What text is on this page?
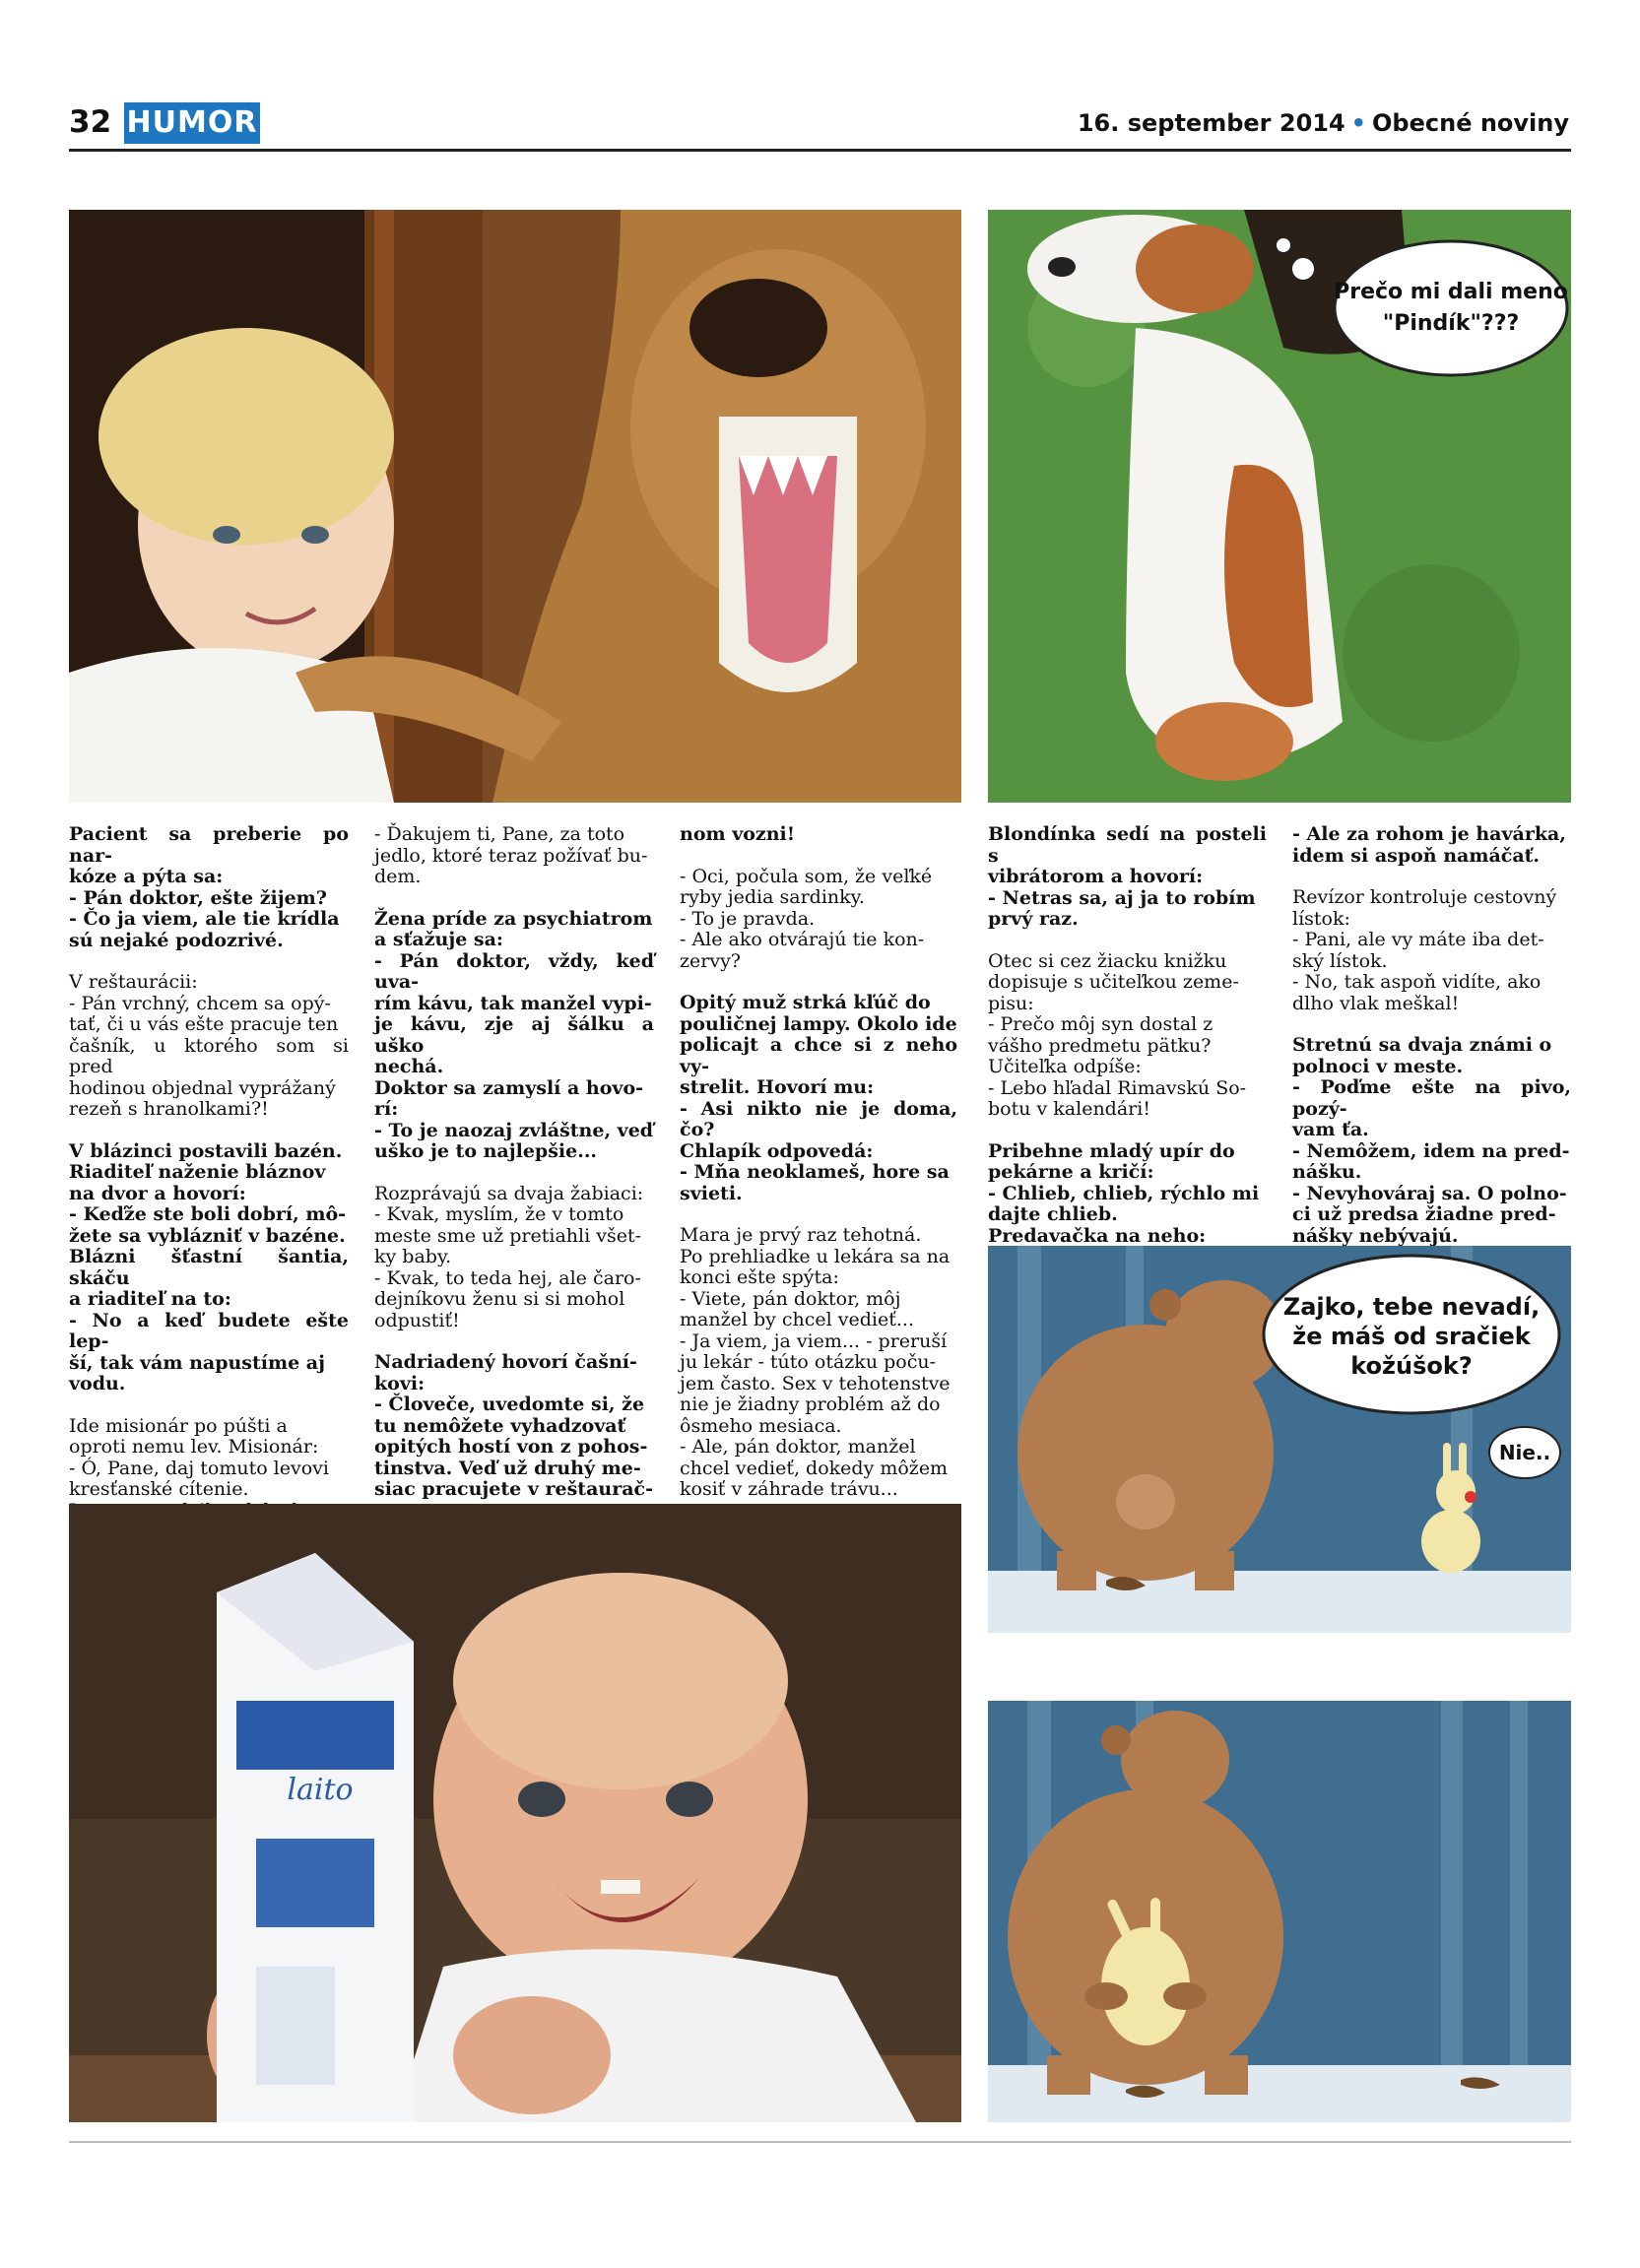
32 HUMOR	16. september 2014 • Obecné noviny
Prečo mi dali meno
"Pindík"???

Pacient sa preberie po nar-

kóze a pýta sa:

- Pán doktor, ešte žijem?

- Čo ja viem, ale tie krídla

sú nejaké podozrivé.

V reštaurácii:

- Pán vrchný, chcem sa opý-

tať, či u vás ešte pracuje ten

čašník, u ktorého som si pred

hodinou objednal vyprážaný

rezeň s hranolkami?!

V blázinci postavili bazén.

Riaditeľ naženie bláznov

na dvor a hovorí:

- Keďže ste boli dobrí, mô-

žete sa vyblázniť v bazéne.

Blázni šťastní šantia, skáču

a riaditeľ na to:

- No a keď budete ešte lep-

ší, tak vám napustíme aj

vodu.

Ide misionár po púšti a

oproti nemu lev. Misionár:

- Ó, Pane, daj tomuto levovi

kresťanské cítenie.

- Ďakujem ti, Pane, za toto

jedlo, ktoré teraz požívať bu-

dem.

Žena príde za psychiatrom

a sťažuje sa:

- Pán doktor, vždy, keď uva-

rím kávu, tak manžel vypi-

je kávu, zje aj šálku a uško

nechá.

Doktor sa zamyslí a hovo-

rí:

- To je naozaj zvláštne, veď

uško je to najlepšie...

Rozprávajú sa dvaja žabiaci:

- Kvak, myslím, že v tomto

meste sme už pretiahli všet-

ky baby.

- Kvak, to teda hej, ale čaro-

dejníkovu ženu si si mohol

odpustiť!

Nadriadený hovorí čašní-

kovi:

- Človeče, uvedomte si, že

tu nemôžete vyhadzovať

opitých hostí von z pohos-

tinstva. Veď už druhý me-

siac pracujete v reštaurač-

nom vozni!

- Oci, počula som, že veľké

ryby jedia sardinky.

- To je pravda.

- Ale ako otvárajú tie kon-

zervy?

Opitý muž strká kľúč do

pouličnej lampy. Okolo ide

policajt a chce si z neho vy-

strelit. Hovorí mu:

- Asi nikto nie je doma, čo?

Chlapík odpovedá:

- Mňa neoklameš, hore sa

svieti.

Mara je prvý raz tehotná.

Po prehliadke u lekára sa na

konci ešte spýta:

- Viete, pán doktor, môj

manžel by chcel vedieť...

- Ja viem, ja viem... - preruší

ju lekár - túto otázku poču-

jem často. Sex v tehotenstve

nie je žiadny problém až do

ôsmeho mesiaca.

- Ale, pán doktor, manžel

chcel vedieť, dokedy môžem

kosiť v záhrade trávu...

Blondínka sedí na posteli s

vibrátorom a hovorí:

- Netras sa, aj ja to robím

prvý raz.

Otec si cez žiacku knižku

dopisuje s učiteľkou zeme-

pisu:

- Prečo môj syn dostal z

vášho predmetu pätku?

Učiteľka odpíše:

- Lebo hľadal Rimavskú So-

botu v kalendári!

Pribehne mladý upír do

pekárne a kričí:

- Chlieb, chlieb, rýchlo mi

dajte chlieb.

Predavačka na neho:

- Ale za rohom je havárka,

idem si aspoň namáčať.

Revízor kontroluje cestovný

lístok:

- Pani, ale vy máte iba det-

ský lístok.

- No, tak aspoň vidíte, ako

dlho vlak meškal!

Stretnú sa dvaja známi o

polnoci v meste.

- Poďme ešte na pivo, pozý-

vam ťa.

- Nemôžem, idem na pred-

nášku.

- Nevyhováraj sa. O polno-

ci už predsa žiadne pred-

nášky nebývajú.

laito
Zajko, tebe nevadí,
že máš od sračiek
kožúšok?
Nie..
